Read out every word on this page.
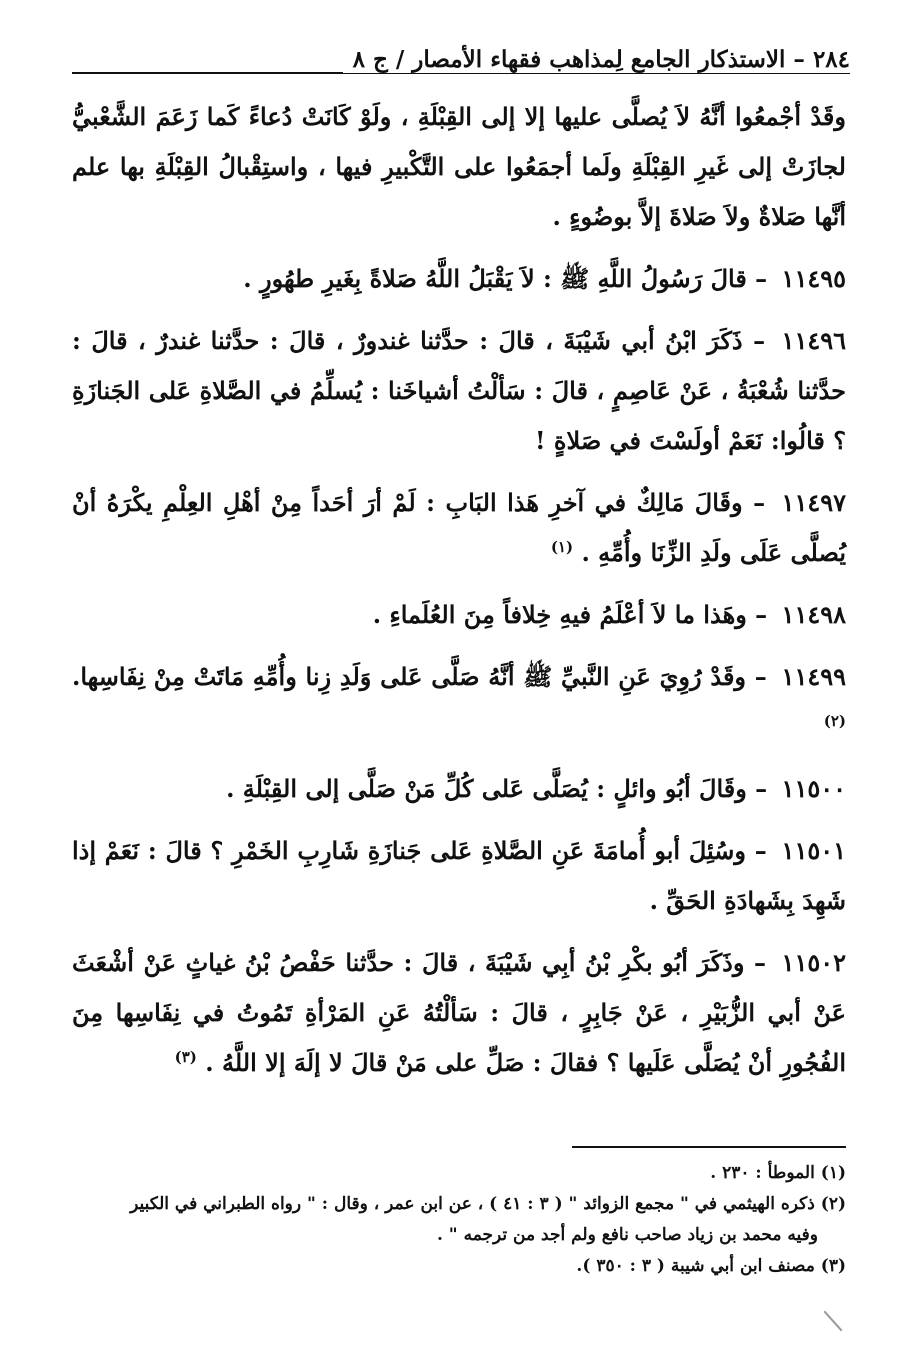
٢٨٤ – الاستذكار الجامع لِمذاهب فقهاء الأمصار / ج ٨

وقَدْ أجْمعُوا أنَّهُ لاَ يُصلَّى عليها إلا إلى القِبْلَةِ ، ولَوْ كَانَتْ دُعاءً كَما زَعَمَ الشَّعْبيُّ لجازَتْ إلى غَيرِ القِبْلَةِ ولَما أجمَعُوا على التَّكْبيرِ فيها ، واستِقْبالُ القِبْلَةِ بها علم أنَّها صَلاةٌ ولاَ صَلاةَ إلاَّ بوضُوءٍ .

١١٤٩٥ – قالَ رَسُولُ اللَّهِ ﷺ : لاَ يَقْبَلُ اللَّهُ صَلاةً بِغَيرِ طهُورٍ .

١١٤٩٦ – ذَكَرَ ابْنُ أبي شَيْبَةَ ، قالَ : حدَّثنا غندورٌ ، قالَ : حدَّثنا غندرٌ ، قالَ : حدَّثنا شُعْبَةُ ، عَنْ عَاصِمٍ ، قالَ : سَألْتُ أشياخَنا : يُسلِّمُ في الصَّلاةِ عَلى الجَنازَةِ ؟ قالُوا: نَعَمْ أولَسْتَ في صَلاةٍ !

١١٤٩٧ – وقَالَ مَالِكٌ في آخرِ هَذا البَابِ : لَمْ أرَ أحَداً مِنْ أهْلِ العِلْمِ يكْرَهُ أنْ يُصلَّى عَلَى ولَدِ الزِّنَا وأُمِّهِ . $^{(١)}$

١١٤٩٨ – وهَذا ما لاَ أعْلَمُ فيهِ خِلافاً مِنَ العُلَماءِ .

١١٤٩٩ – وقَدْ رُوِيَ عَنِ النَّبيِّ ﷺ أنَّهُ صَلَّى عَلى وَلَدِ زِنا وأُمِّهِ مَاتَتْ مِنْ نِفَاسِها.$^{(٢)}$

١١٥٠٠ – وقَالَ أبُو وائلٍ : يُصَلَّى عَلى كُلِّ مَنْ صَلَّى إلى القِبْلَةِ .

١١٥٠١ – وسُئِلَ أبو أُمامَةَ عَنِ الصَّلاةِ عَلى جَنازَةِ شَارِبِ الخَمْرِ ؟ قالَ : نَعَمْ إذا شَهِدَ بِشَهادَةِ الحَقِّ .

١١٥٠٢ – وذَكَرَ أبُو بكْرِ بْنُ أبِي شَيْبَةَ ، قالَ : حدَّثنا حَفْصُ بْنُ غياثٍ عَنْ أشْعَثَ عَنْ أبي الزُّبَيْرِ ، عَنْ جَابِرٍ ، قالَ : سَألْتُهُ عَنِ المَرْأةِ تَمُوتُ في نِفَاسِها مِنَ الفُجُورِ أنْ يُصَلَّى عَلَيها ؟ فقالَ : صَلِّ على مَنْ قالَ لا إلَهَ إلا اللَّهُ . $^{(٣)}$

(١) الموطأ : ٢٣٠ .

(٢) ذكره الهيثمي في " مجمع الزوائد " ( ٣ : ٤١ ) ، عن ابن عمر ، وقال : " رواه الطبراني في الكبير
وفيه محمد بن زياد صاحب نافع ولم أجد من ترجمه " .

(٣) مصنف ابن أبي شيبة ( ٣ : ٣٥٠ ).
